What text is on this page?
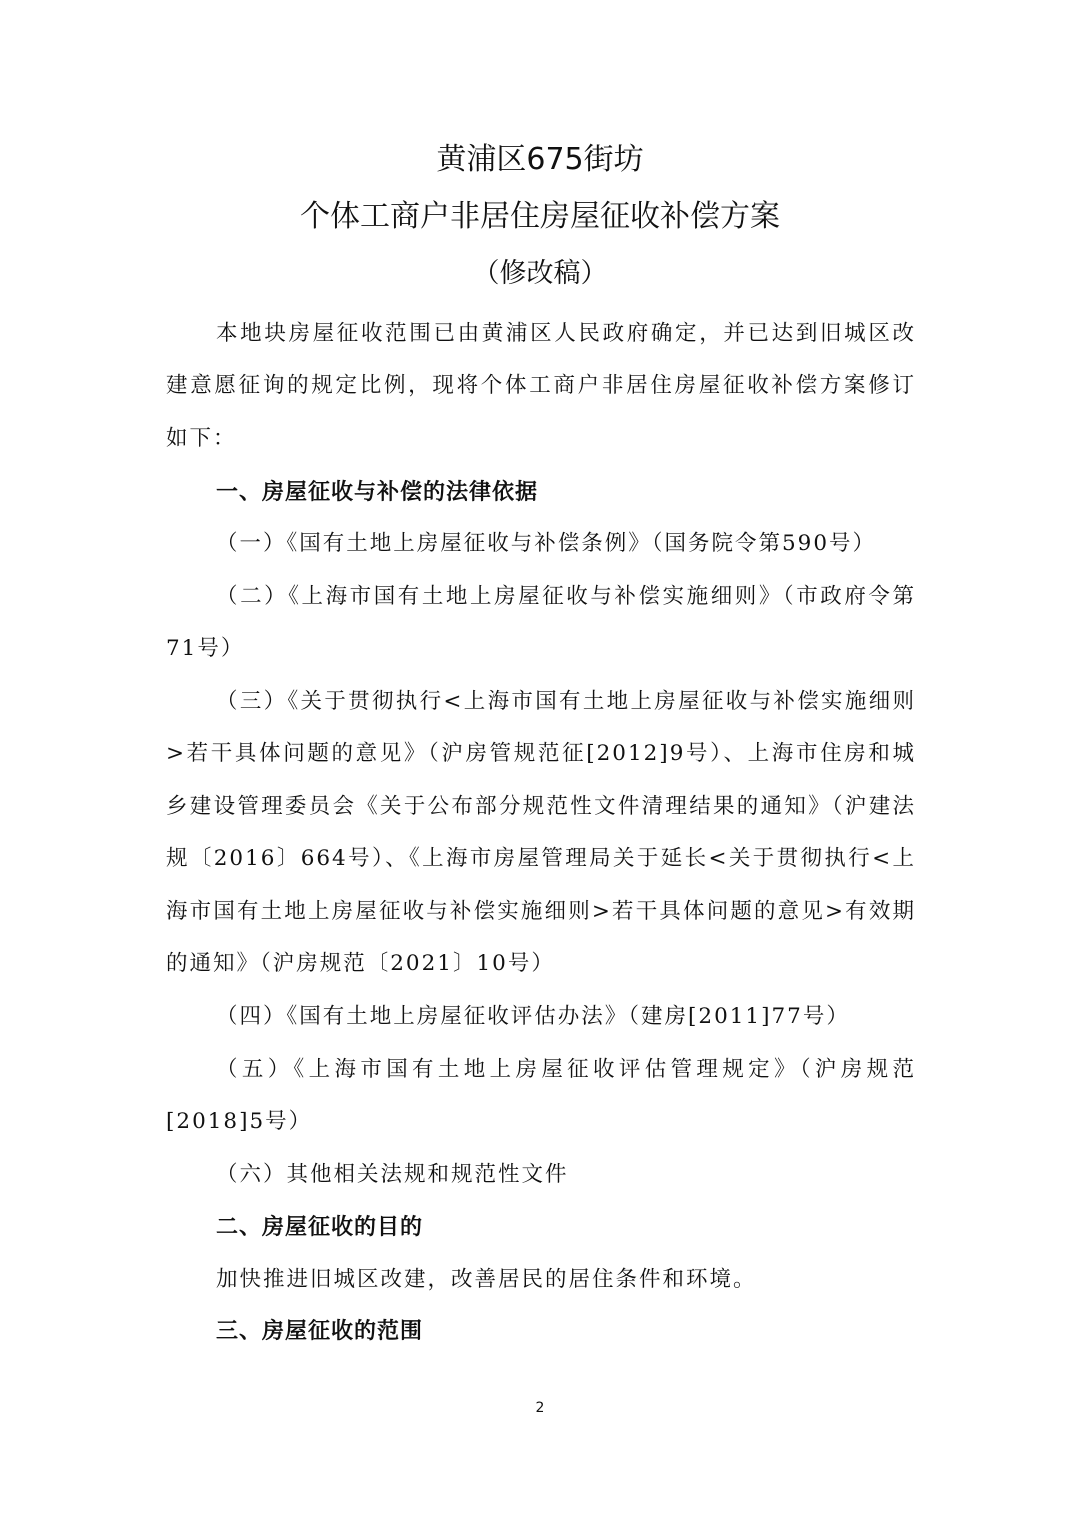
黄浦区675街坊
个体工商户非居住房屋征收补偿方案
（修改稿）

本地块房屋征收范围已由黄浦区人民政府确定，并已达到旧城区改建意愿征询的规定比例，现将个体工商户非居住房屋征收补偿方案修订如下：

一、房屋征收与补偿的法律依据

（一）《国有土地上房屋征收与补偿条例》（国务院令第590号）

（二）《上海市国有土地上房屋征收与补偿实施细则》（市政府令第71号）

（三）《关于贯彻执行<上海市国有土地上房屋征收与补偿实施细则>若干具体问题的意见》（沪房管规范征[2012]9号）、上海市住房和城乡建设管理委员会《关于公布部分规范性文件清理结果的通知》（沪建法规〔2016〕664号）、《上海市房屋管理局关于延长<关于贯彻执行<上海市国有土地上房屋征收与补偿实施细则>若干具体问题的意见>有效期的通知》（沪房规范〔2021〕10号）

（四）《国有土地上房屋征收评估办法》（建房[2011]77号）

（五）《上海市国有土地上房屋征收评估管理规定》（沪房规范[2018]5号）

（六）其他相关法规和规范性文件

二、房屋征收的目的

加快推进旧城区改建，改善居民的居住条件和环境。

三、房屋征收的范围

2
